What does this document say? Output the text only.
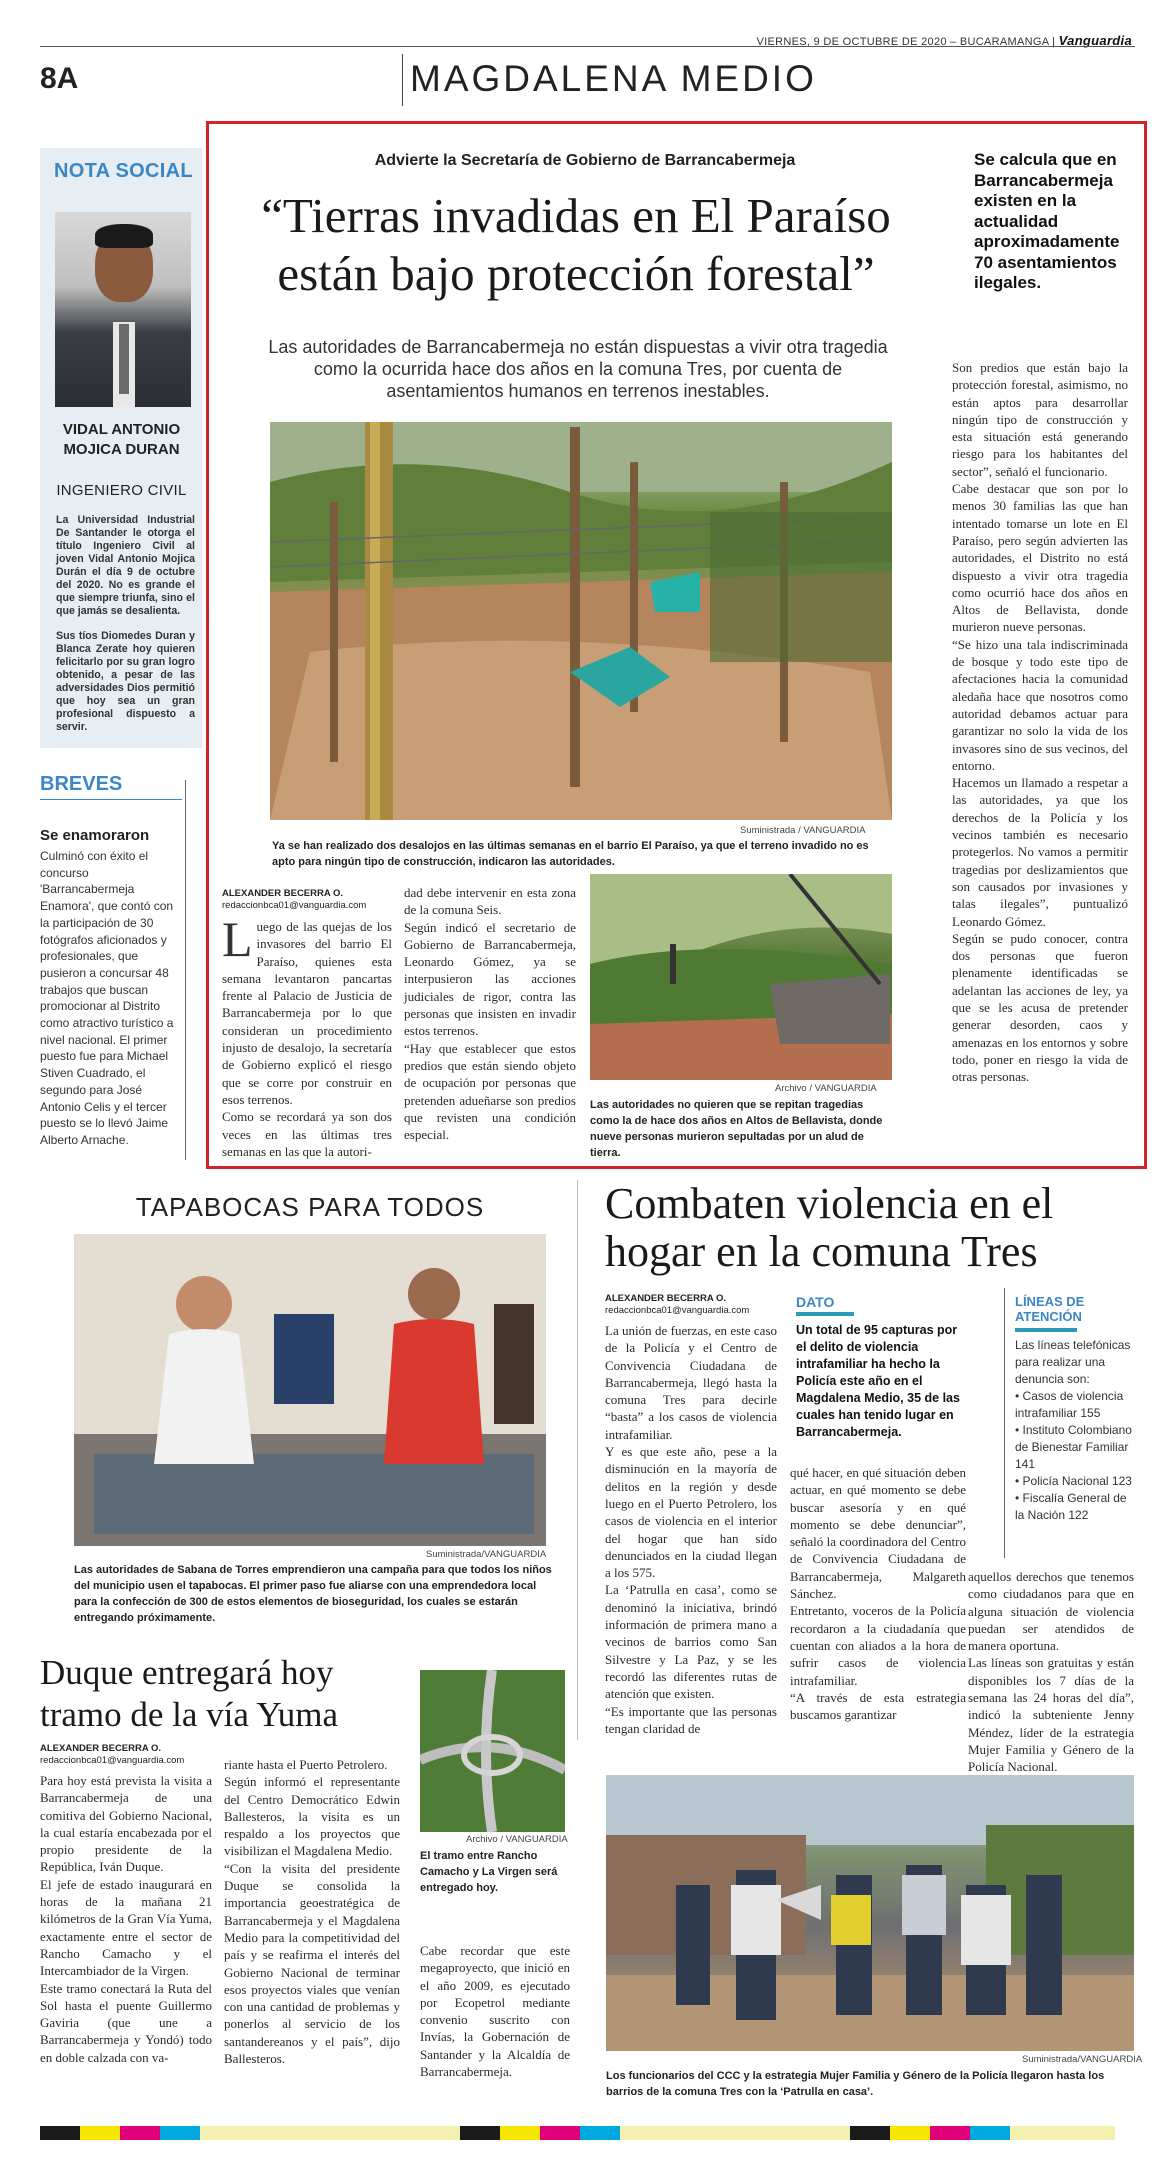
VIERNES, 9 DE OCTUBRE DE 2020 – BUCARAMANGA | Vanguardia
8A	MAGDALENA MEDIO
NOTA SOCIAL
VIDAL ANTONIO
MOJICA DURAN
INGENIERO CIVIL
La Universidad Industrial De Santander le otorga el título Ingeniero Civil al joven Vidal Antonio Mojica Durán el día 9 de octubre del 2020. No es grande el que siempre triunfa, sino el que jamás se desalienta.
Sus tíos Diomedes Duran y Blanca Zerate hoy quieren felicitarlo por su gran logro obtenido, a pesar de las adversidades Dios permitió que hoy sea un gran profesional dispuesto a servir.
BREVES
Se enamoraron
Culminó con éxito el concurso 'Barrancabermeja Enamora', que contó con la participación de 30 fotógrafos aficionados y profesionales, que pusieron a concursar 48 trabajos que buscan promocionar al Distrito como atractivo turístico a nivel nacional. El primer puesto fue para Michael Stiven Cuadrado, el segundo para José Antonio Celis y el tercer puesto se lo llevó Jaime Alberto Arnache.
Advierte la Secretaría de Gobierno de Barrancabermeja
“Tierras invadidas en El Paraíso
están bajo protección forestal”
Se calcula que en Barrancabermeja existen en la actualidad aproximadamente 70 asentamientos ilegales.
Las autoridades de Barrancabermeja no están dispuestas a vivir otra tragedia como la ocurrida hace dos años en la comuna Tres, por cuenta de asentamientos humanos en terrenos inestables.
Suministrada / VANGUARDIA
Ya se han realizado dos desalojos en las últimas semanas en el barrio El Paraíso, ya que el terreno invadido no es apto para ningún tipo de construcción, indicaron las autoridades.
ALEXANDER BECERRA O.
redaccionbca01@vanguardia.com
Luego de las quejas de los invasores del barrio El Paraíso, quienes esta semana levantaron pancartas frente al Palacio de Justicia de Barrancabermeja por lo que consideran un procedimiento injusto de desalojo, la secretaría de Gobierno explicó el riesgo que se corre por construir en esos terrenos.
Como se recordará ya son dos veces en las últimas tres semanas en las que la autori-
dad debe intervenir en esta zona de la comuna Seis.
Según indicó el secretario de Gobierno de Barrancabermeja, Leonardo Gómez, ya se interpusieron las acciones judiciales de rigor, contra las personas que insisten en invadir estos terrenos.
“Hay que establecer que estos predios que están siendo objeto de ocupación por personas que pretenden adueñarse son predios que revisten una condición especial.
Archivo / VANGUARDIA
Las autoridades no quieren que se repitan tragedias como la de hace dos años en Altos de Bellavista, donde nueve personas murieron sepultadas por un alud de tierra.
Son predios que están bajo la protección forestal, asimismo, no están aptos para desarrollar ningún tipo de construcción y esta situación está generando riesgo para los habitantes del sector”, señaló el funcionario.
Cabe destacar que son por lo menos 30 familias las que han intentado tomarse un lote en El Paraíso, pero según advierten las autoridades, el Distrito no está dispuesto a vivir otra tragedia como ocurrió hace dos años en Altos de Bellavista, donde murieron nueve personas.
“Se hizo una tala indiscriminada de bosque y todo este tipo de afectaciones hacia la comunidad aledaña hace que nosotros como autoridad debamos actuar para garantizar no solo la vida de los invasores sino de sus vecinos, del entorno.
Hacemos un llamado a respetar a las autoridades, ya que los derechos de la Policía y los vecinos también es necesario protegerlos. No vamos a permitir tragedias por deslizamientos que son causados por invasiones y talas ilegales”, puntualizó Leonardo Gómez.
Según se pudo conocer, contra dos personas que fueron plenamente identificadas se adelantan las acciones de ley, ya que se les acusa de pretender generar desorden, caos y amenazas en los entornos y sobre todo, poner en riesgo la vida de otras personas.
TAPABOCAS PARA TODOS
Suministrada/VANGUARDIA
Las autoridades de Sabana de Torres emprendieron una campaña para que todos los niños del municipio usen el tapabocas. El primer paso fue aliarse con una emprendedora local para la confección de 300 de estos elementos de bioseguridad, los cuales se estarán entregando próximamente.
Combaten violencia en el
hogar en la comuna Tres
ALEXANDER BECERRA O.
redaccionbca01@vanguardia.com
La unión de fuerzas, en este caso de la Policía y el Centro de Convivencia Ciudadana de Barrancabermeja, llegó hasta la comuna Tres para decirle “basta” a los casos de violencia intrafamiliar.
Y es que este año, pese a la disminución en la mayoría de delitos en la región y desde luego en el Puerto Petrolero, los casos de violencia en el interior del hogar que han sido denunciados en la ciudad llegan a los 575.
La ‘Patrulla en casa’, como se denominó la iniciativa, brindó información de primera mano a vecinos de barrios como San Silvestre y La Paz, y se les recordó las diferentes rutas de atención que existen.
“Es importante que las personas tengan claridad de
DATO
Un total de 95 capturas por el delito de violencia intrafamiliar ha hecho la Policía este año en el Magdalena Medio, 35 de las cuales han tenido lugar en Barrancabermeja.
qué hacer, en qué situación deben actuar, en qué momento se debe buscar asesoría y en qué momento se debe denunciar”, señaló la coordinadora del Centro de Convivencia Ciudadana de Barrancabermeja, Malgareth Sánchez.
Entretanto, voceros de la Policía recordaron a la ciudadanía que cuentan con aliados a la hora de sufrir casos de violencia intrafamiliar.
“A través de esta estrategia buscamos garantizar
LÍNEAS DE
ATENCIÓN
Las líneas telefónicas para realizar una denuncia son:
• Casos de violencia intrafamiliar 155
• Instituto Colombiano de Bienestar Familiar 141
• Policía Nacional 123
• Fiscalía General de la Nación 122
aquellos derechos que tenemos como ciudadanos para que en alguna situación de violencia puedan ser atendidos de manera oportuna.
Las líneas son gratuitas y están disponibles los 7 días de la semana las 24 horas del día”, indicó la subteniente Jenny Méndez, líder de la estrategia Mujer Familia y Género de la Policía Nacional.
Suministrada/VANGUARDIA
Los funcionarios del CCC y la estrategia Mujer Familia y Género de la Policía llegaron hasta los barrios de la comuna Tres con la ‘Patrulla en casa’.
Duque entregará hoy
tramo de la vía Yuma
ALEXANDER BECERRA O.
redaccionbca01@vanguardia.com
Para hoy está prevista la visita a Barrancabermeja de una comitiva del Gobierno Nacional, la cual estaría encabezada por el propio presidente de la República, Iván Duque.
El jefe de estado inaugurará en horas de la mañana 21 kilómetros de la Gran Vía Yuma, exactamente entre el sector de Rancho Camacho y el Intercambiador de la Virgen.
Este tramo conectará la Ruta del Sol hasta el puente Guillermo Gaviria (que une a Barrancabermeja y Yondó) todo en doble calzada con va-
riante hasta el Puerto Petrolero.
Según informó el representante del Centro Democrático Edwin Ballesteros, la visita es un respaldo a los proyectos que visibilizan el Magdalena Medio.
“Con la visita del presidente Duque se consolida la importancia geoestratégica de Barrancabermeja y el Magdalena Medio para la competitividad del país y se reafirma el interés del Gobierno Nacional de terminar esos proyectos viales que venían con una cantidad de problemas y ponerlos al servicio de los santandereanos y el país”, dijo Ballesteros.
Archivo / VANGUARDIA
El tramo entre Rancho Camacho y La Virgen será entregado hoy.
Cabe recordar que este megaproyecto, que inició en el año 2009, es ejecutado por Ecopetrol mediante convenio suscrito con Invías, la Gobernación de Santander y la Alcaldía de Barrancabermeja.
